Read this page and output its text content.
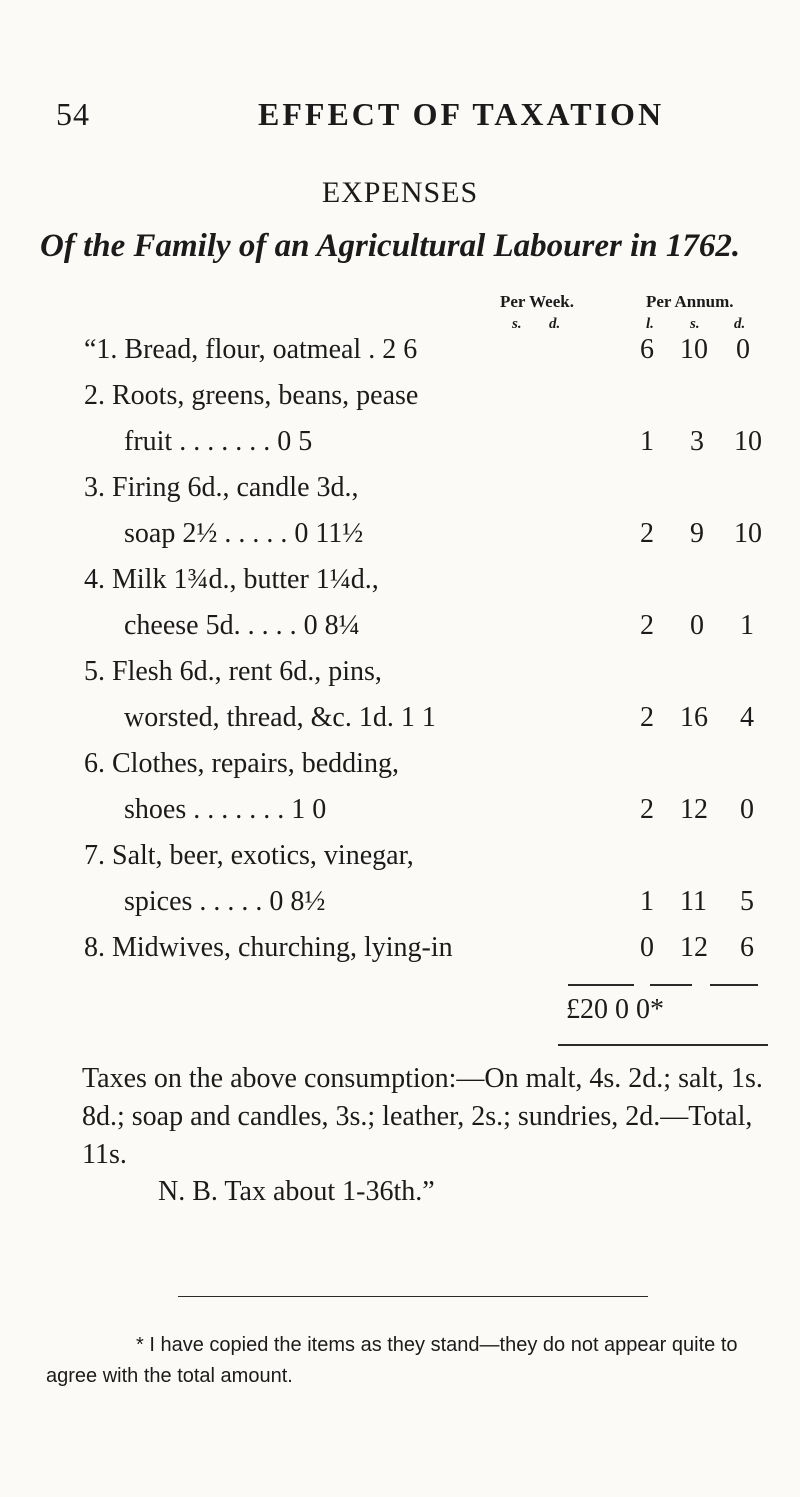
54	EFFECT OF TAXATION
EXPENSES
Of the Family of an Agricultural Labourer in 1762.
Per Week.	Per Annum.
s. d.	l. s. d.
“1. Bread, flour, oatmeal . 2 6	6 10 0
2. Roots, greens, beans, pease
fruit . . . . . . . 0 5	1 3 10
3. Firing 6d., candle 3d.,
soap 2½ . . . . . 0 11½	2 9 10
4. Milk 1¾d., butter 1¼d.,
cheese 5d. . . . . 0 8¼	2 0 1
5. Flesh 6d., rent 6d., pins,
worsted, thread, &c. 1d. 1 1	2 16 4
6. Clothes, repairs, bedding,
shoes . . . . . . . 1 0	2 12 0
7. Salt, beer, exotics, vinegar,
spices . . . . . 0 8½	1 11 5
8. Midwives, churching, lying-in	0 12 6
£20 0 0*
Taxes on the above consumption:—On malt, 4s. 2d.; salt, 1s. 8d.; soap and candles, 3s.; leather, 2s.; sundries, 2d.—Total, 11s.
N. B. Tax about 1-36th.”
* I have copied the items as they stand—they do not appear quite to agree with the total amount.
